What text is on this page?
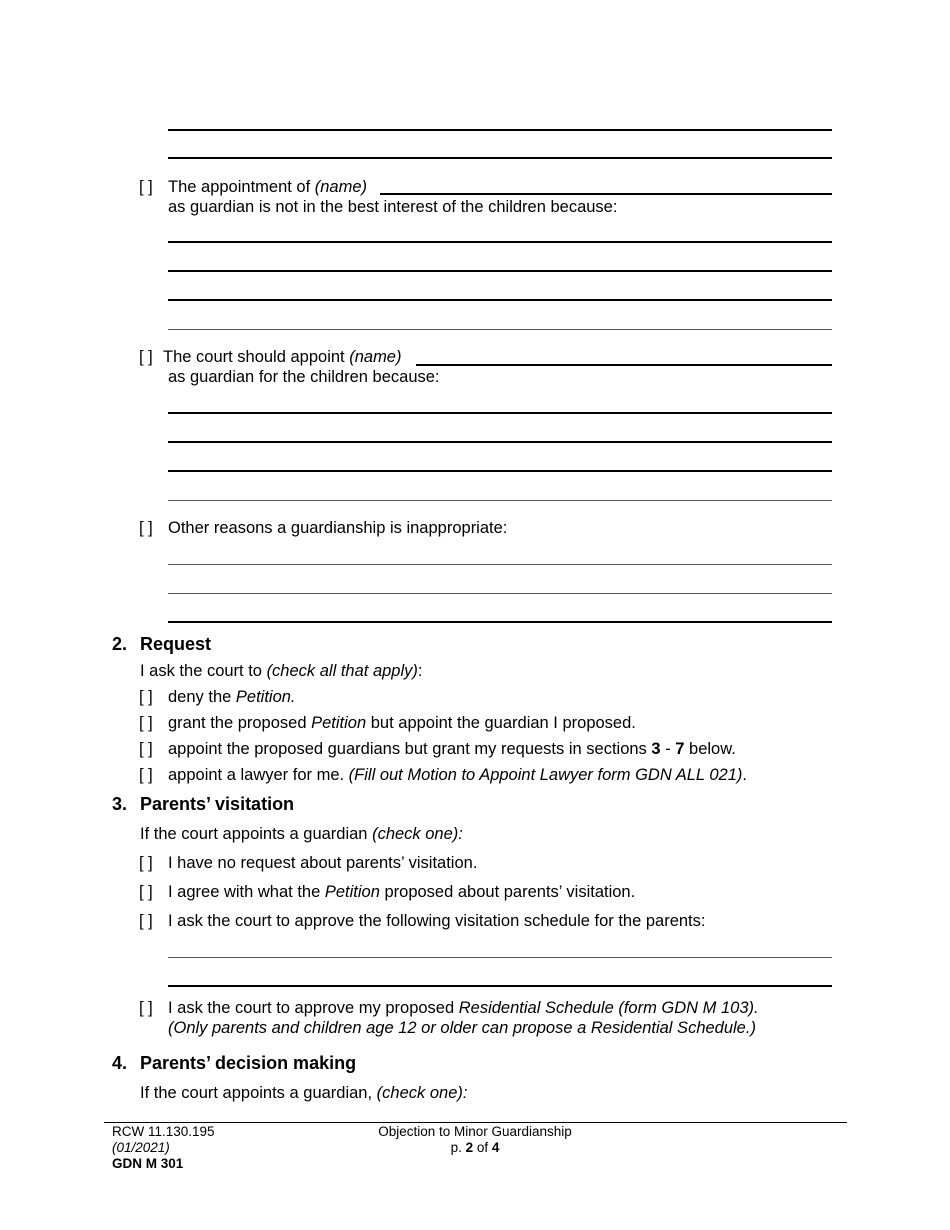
[ ] The appointment of (name)
as guardian is not in the best interest of the children because:
[ ] The court should appoint (name)
as guardian for the children because:
[ ] Other reasons a guardianship is inappropriate:
2. Request
I ask the court to (check all that apply):
[ ] deny the Petition.
[ ] grant the proposed Petition but appoint the guardian I proposed.
[ ] appoint the proposed guardians but grant my requests in sections 3 - 7 below.
[ ] appoint a lawyer for me. (Fill out Motion to Appoint Lawyer form GDN ALL 021).
3. Parents’ visitation
If the court appoints a guardian (check one):
[ ] I have no request about parents’ visitation.
[ ] I agree with what the Petition proposed about parents’ visitation.
[ ] I ask the court to approve the following visitation schedule for the parents:
[ ] I ask the court to approve my proposed Residential Schedule (form GDN M 103).
(Only parents and children age 12 or older can propose a Residential Schedule.)
4. Parents’ decision making
If the court appoints a guardian, (check one):
RCW 11.130.195
(01/2021)
GDN M 301
Objection to Minor Guardianship
p. 2 of 4
